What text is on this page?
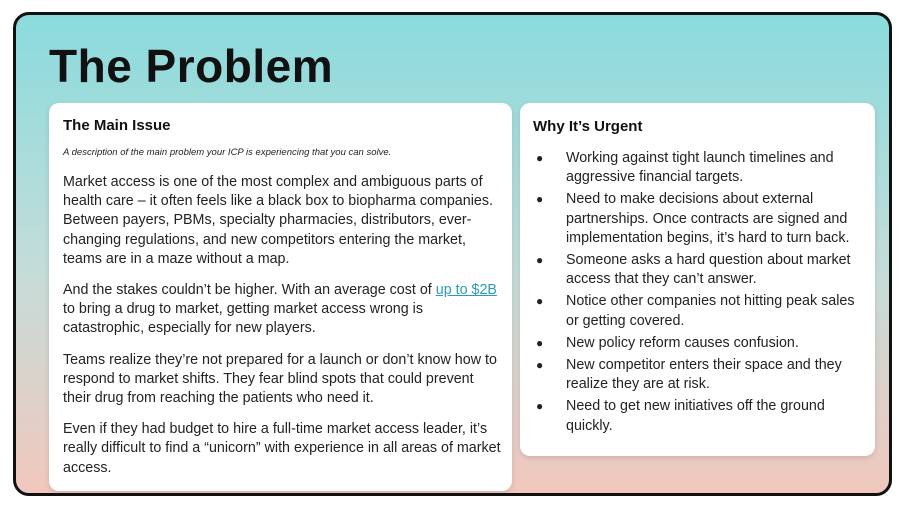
The Problem
The Main Issue

A description of the main problem your ICP is experiencing that you can solve.

Market access is one of the most complex and ambiguous parts of health care – it often feels like a black box to biopharma companies. Between payers, PBMs, specialty pharmacies, distributors, ever-changing regulations, and new competitors entering the market, teams are in a maze without a map.

And the stakes couldn’t be higher. With an average cost of up to $2B to bring a drug to market, getting market access wrong is catastrophic, especially for new players.

Teams realize they’re not prepared for a launch or don’t know how to respond to market shifts. They fear blind spots that could prevent their drug from reaching the patients who need it.

Even if they had budget to hire a full-time market access leader, it’s really difficult to find a “unicorn” with experience in all areas of market access.

Why It’s Urgent
● Working against tight launch timelines and aggressive financial targets.
● Need to make decisions about external partnerships. Once contracts are signed and implementation begins, it’s hard to turn back.
● Someone asks a hard question about market access that they can’t answer.
● Notice other companies not hitting peak sales or getting covered.
● New policy reform causes confusion.
● New competitor enters their space and they realize they are at risk.
● Need to get new initiatives off the ground quickly.
